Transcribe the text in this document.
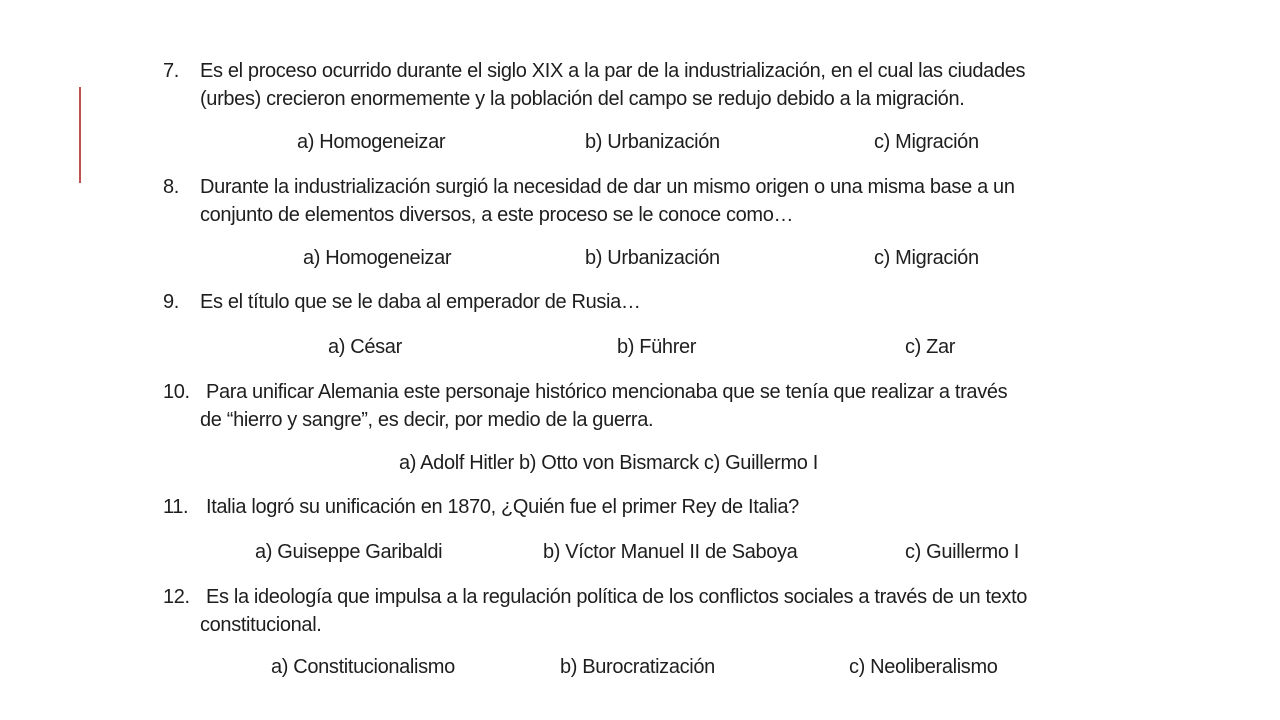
7. Es el proceso ocurrido durante el siglo XIX a la par de la industrialización, en el cual las ciudades
(urbes) crecieron enormemente y la población del campo se redujo debido a la migración.
a) Homogeneizar	b) Urbanización	c) Migración
8. Durante la industrialización surgió la necesidad de dar un mismo origen o una misma base a un
conjunto de elementos diversos, a este proceso se le conoce como…
a) Homogeneizar	b) Urbanización	c) Migración
9. Es el título que se le daba al emperador de Rusia…
a) César	b) Führer	c) Zar
10. Para unificar Alemania este personaje histórico mencionaba que se tenía que realizar a través
de “hierro y sangre”, es decir, por medio de la guerra.
a) Adolf Hitler b) Otto von Bismarck c) Guillermo I
11. Italia logró su unificación en 1870, ¿Quién fue el primer Rey de Italia?
a) Guiseppe Garibaldi	b) Víctor Manuel II de Saboya	c) Guillermo I
12. Es la ideología que impulsa a la regulación política de los conflictos sociales a través de un texto
constitucional.
a) Constitucionalismo	b) Burocratización	c) Neoliberalismo
